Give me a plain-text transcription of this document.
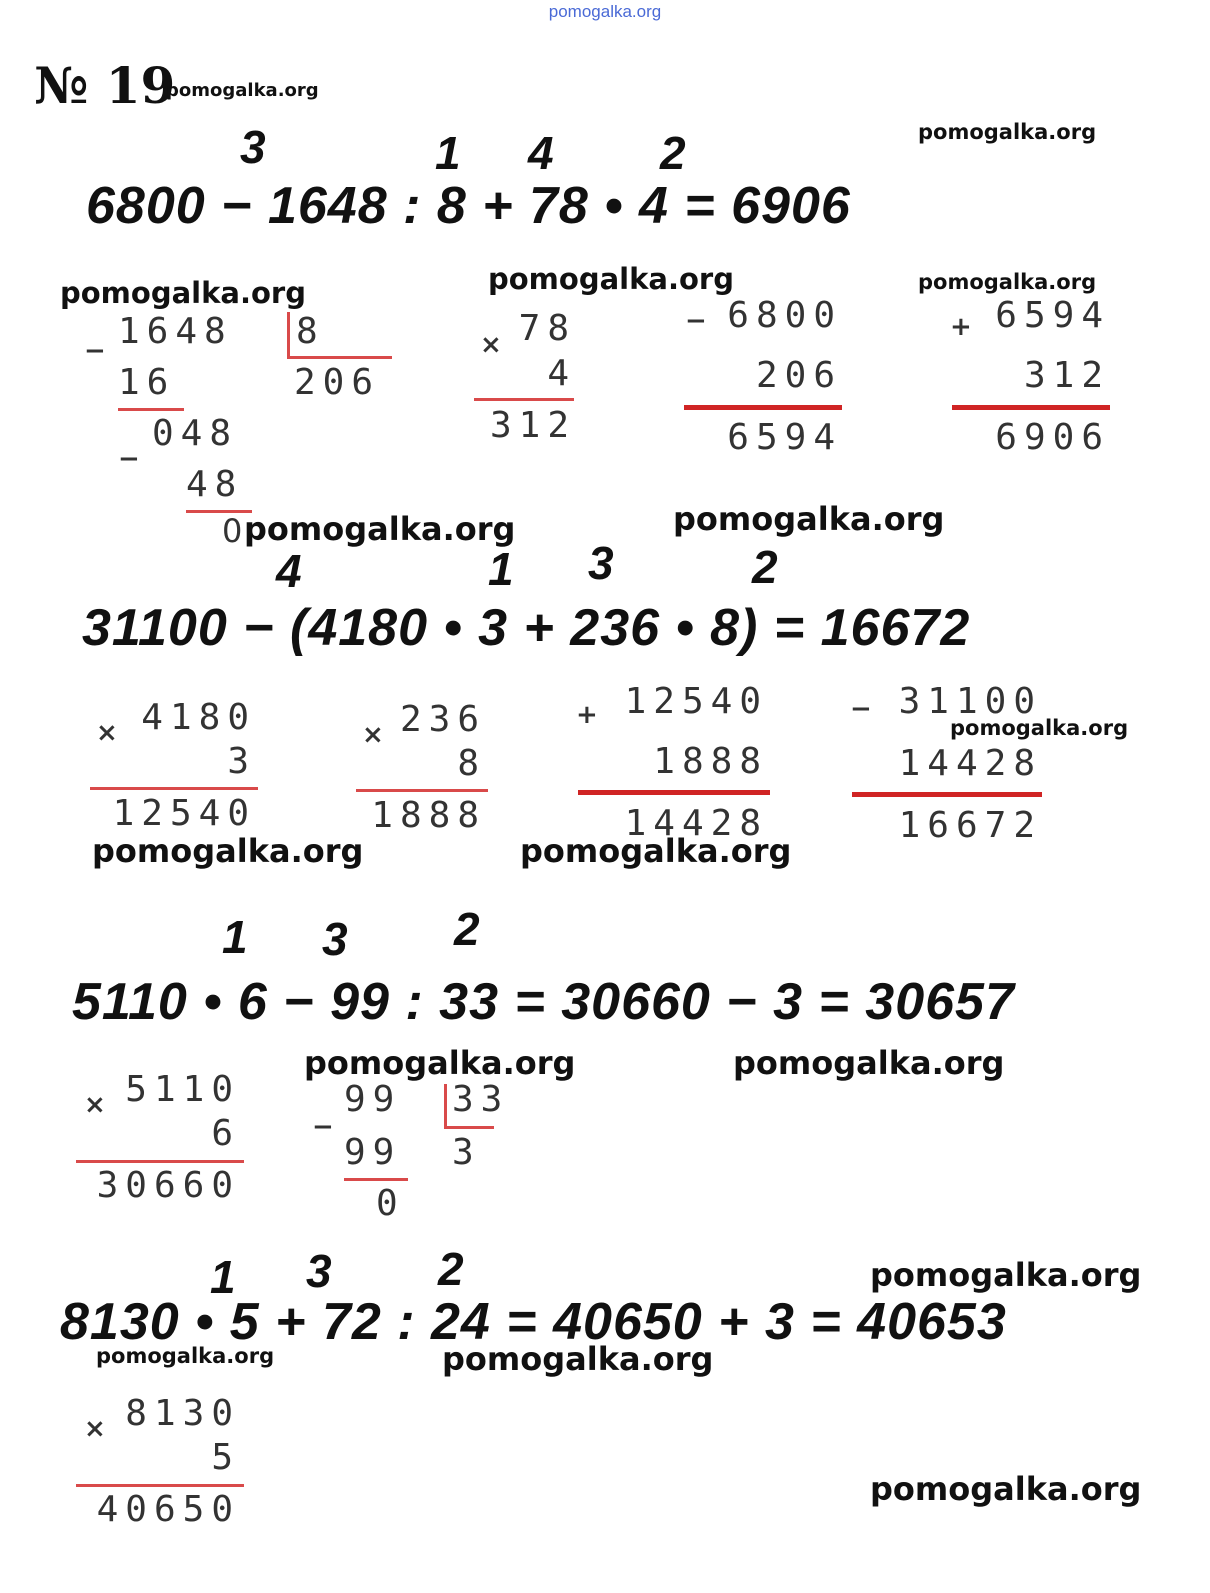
pomogalka.org
№ 19
pomogalka.org
pomogalka.org
3	1 4 2
6800 − 1648 : 8 + 78 • 4 = 6906
pomogalka.org	pomogalka.org	pomogalka.org
1648 8
206
−
16
048
−
48
0 pomogalka.org
× 78
4
312
− 6800
206
6594
+ 6594
312
6906
pomogalka.org
4	1 3	2
31100 − (4180 • 3 + 236 • 8) = 16672
× 4180
3
12540
× 236
8
1888
+ 12540
1888
14428
− 31100
14428
16672
pomogalka.org
pomogalka.org	pomogalka.org
1 3 2
5110 • 6 − 99 : 33 = 30660 − 3 = 30657
pomogalka.org	pomogalka.org
× 5110
6
30660
−
99 33
3
99
0
1 3 2	pomogalka.org
8130 • 5 + 72 : 24 = 40650 + 3 = 40653
pomogalka.org	pomogalka.org
× 8130
5
40650	pomogalka.org
